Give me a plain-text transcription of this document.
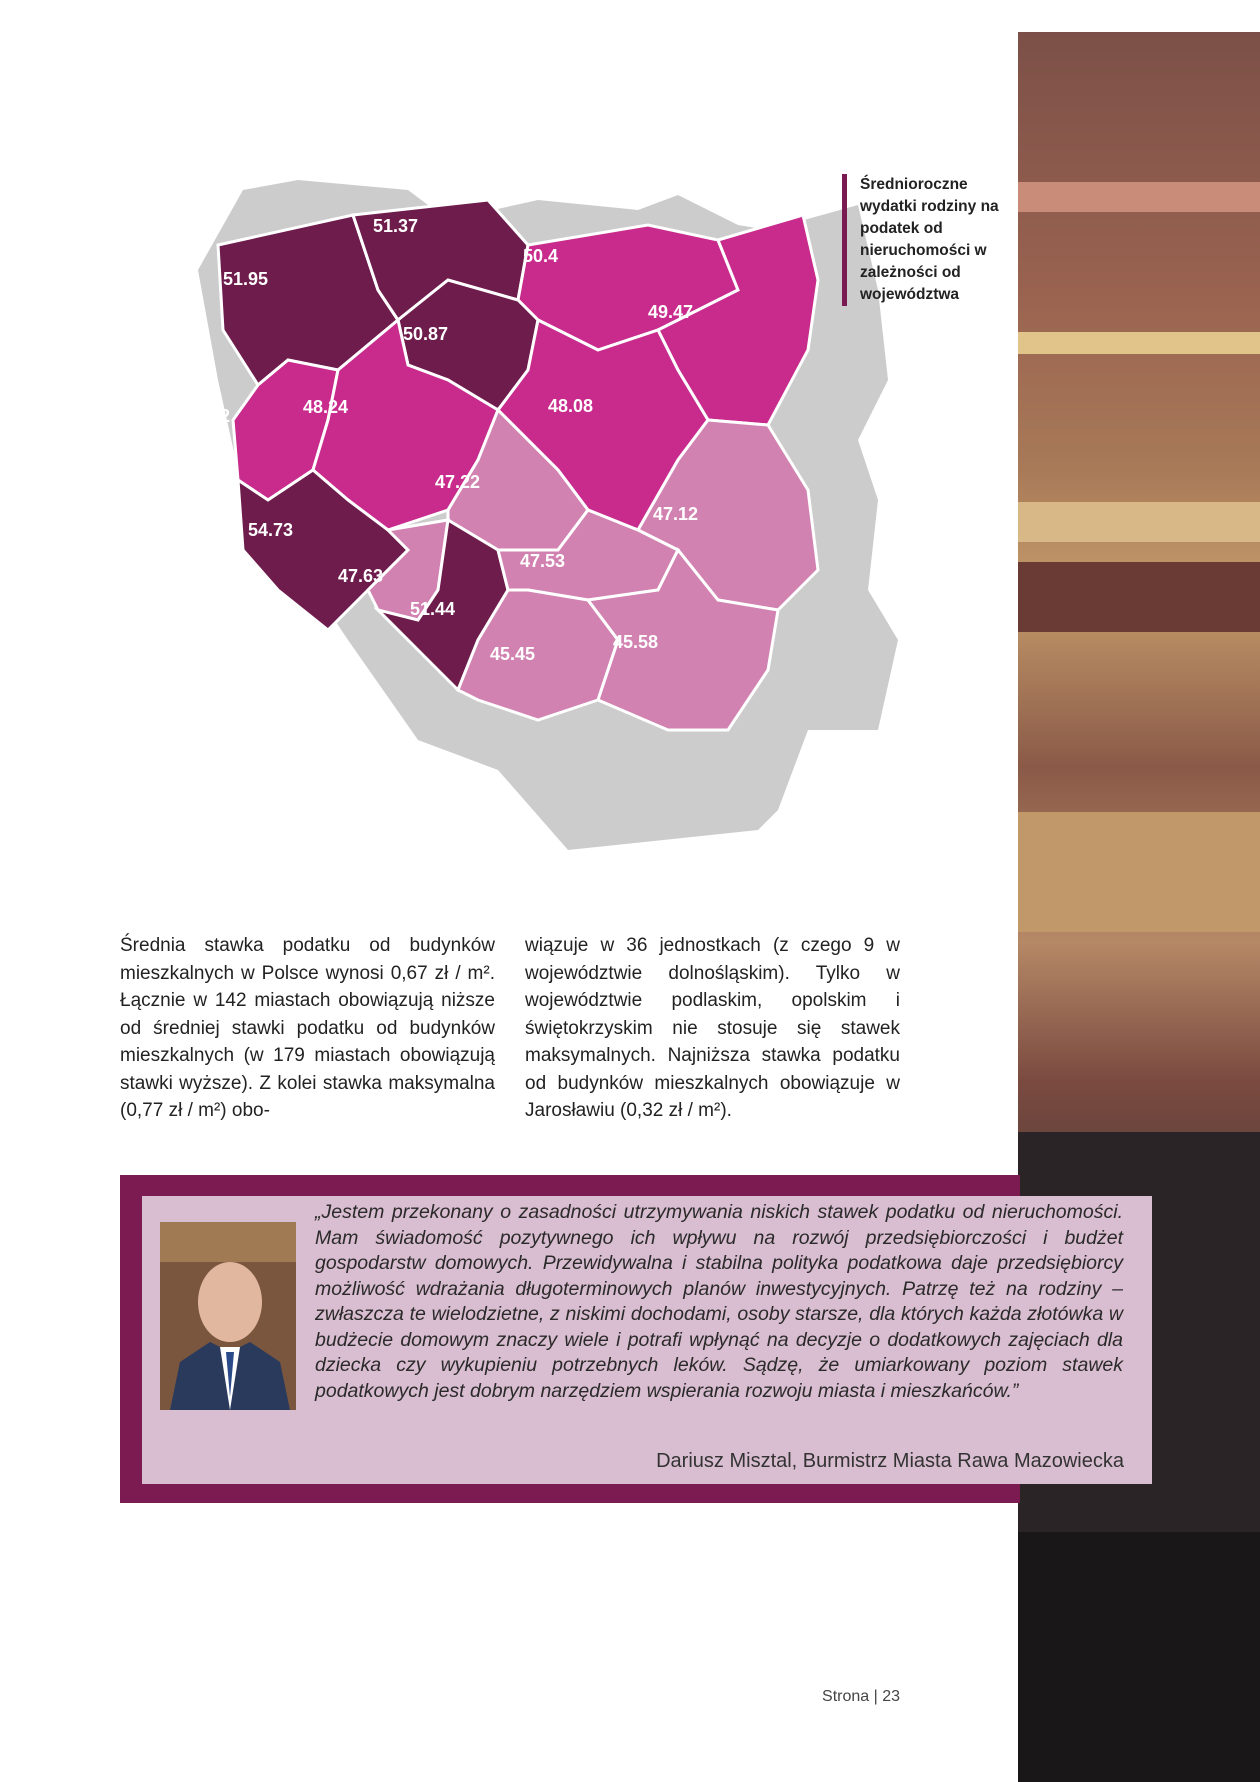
51.95
51.37
50.4
49.47
50.87
49.12	48.24	48.08
47.22
47.12
54.73
47.63
51.44
47.53
45.45
45.58
Średnioroczne wydatki rodziny na podatek od nieruchomości w zależności od województwa
Średnia stawka podatku od budynków mieszkalnych w Polsce wynosi 0,67 zł / m². Łącznie w 142 miastach obowiązują niższe od średniej stawki podatku od budynków mieszkalnych (w 179 miastach obowiązują stawki wyższe). Z kolei stawka maksymalna (0,77 zł / m²) obo-
wiązuje w 36 jednostkach (z czego 9 w województwie dolnośląskim). Tylko w województwie podlaskim, opolskim i świętokrzyskim nie stosuje się stawek maksymalnych. Najniższa stawka podatku od budynków mieszkalnych obowiązuje w Jarosławiu (0,32 zł / m²).
„Jestem przekonany o zasadności utrzymywania niskich stawek podatku od nieruchomości. Mam świadomość pozytywnego ich wpływu na rozwój przedsiębiorczości i budżet gospodarstw domowych. Przewidywalna i stabilna polityka podatkowa daje przedsiębiorcy możliwość wdrażania długoterminowych planów inwestycyjnych. Patrzę też na rodziny – zwłaszcza te wielodzietne, z niskimi dochodami, osoby starsze, dla których każda złotówka w budżecie domowym znaczy wiele i potrafi wpłynąć na decyzje o dodatkowych zajęciach dla dziecka czy wykupieniu potrzebnych leków. Sądzę, że umiarkowany poziom stawek podatkowych jest dobrym narzędziem wspierania rozwoju miasta i mieszkańców.”
Dariusz Misztal, Burmistrz Miasta Rawa Mazowiecka
Strona | 23
